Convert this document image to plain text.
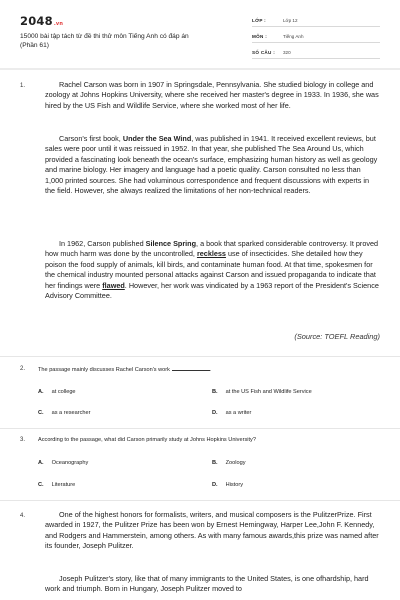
2048.vn
15000 bài tập tách từ đề thi thử môn Tiếng Anh có đáp án
(Phần 61)
LỚP :	Lớp 12
MÔN :	Tiếng Anh
SỐ CÂU :	320
1.	Rachel Carson was born in 1907 in Springsdale, Pennsylvania. She studied biology in college and zoology at Johns Hopkins University, where she received her master's degree in 1933. In 1936, she was hired by the US Fish and Wildlife Service, where she worked most of her life.
Carson's first book, Under the Sea Wind, was published in 1941. It received excellent reviews, but sales were poor until it was reissued in 1952. In that year, she published The Sea Around Us, which provided a fascinating look beneath the ocean's surface, emphasizing human history as well as geology and marine biology. Her imagery and language had a poetic quality. Carson consulted no less than 1,000 printed sources. She had voluminous correspondence and frequent discussions with experts in the field. However, she always realized the limitations of her non-technical readers.
In 1962, Carson published Silence Spring, a book that sparked considerable controversy. It proved how much harm was done by the uncontrolled, reckless use of insecticides. She detailed how they poison the food supply of animals, kill birds, and contaminate human food. At that time, spokesmen for the chemical industry mounted personal attacks against Carson and issued propaganda to indicate that her findings were flawed. However, her work was vindicated by a 1963 report of the President's Science Advisory Committee.
(Source: TOEFL Reading)
2. The passage mainly discusses Rachel Carson's work	.
A. at college	B. at the US Fish and Wildlife Service
C. as a researcher	D. as a writer
3. According to the passage, what did Carson primarily study at Johns Hopkins University?
A. Oceanography	B. Zoology
C. Literature	D. History
4.	One of the highest honors for formalists, writers, and musical composers is the PulitzerPrize. First awarded in 1927, the Pulitzer Prize has been won by Ernest Hemingway, Harper Lee,John F. Kennedy, and Rodgers and Hammerstein, among others. As with many famous awards,this prize was named after its founder, Joseph Pulitzer.
Joseph Pulitzer's story, like that of many immigrants to the United States, is one ofhardship, hard work and triumph. Born in Hungary, Joseph Pulitzer moved to
